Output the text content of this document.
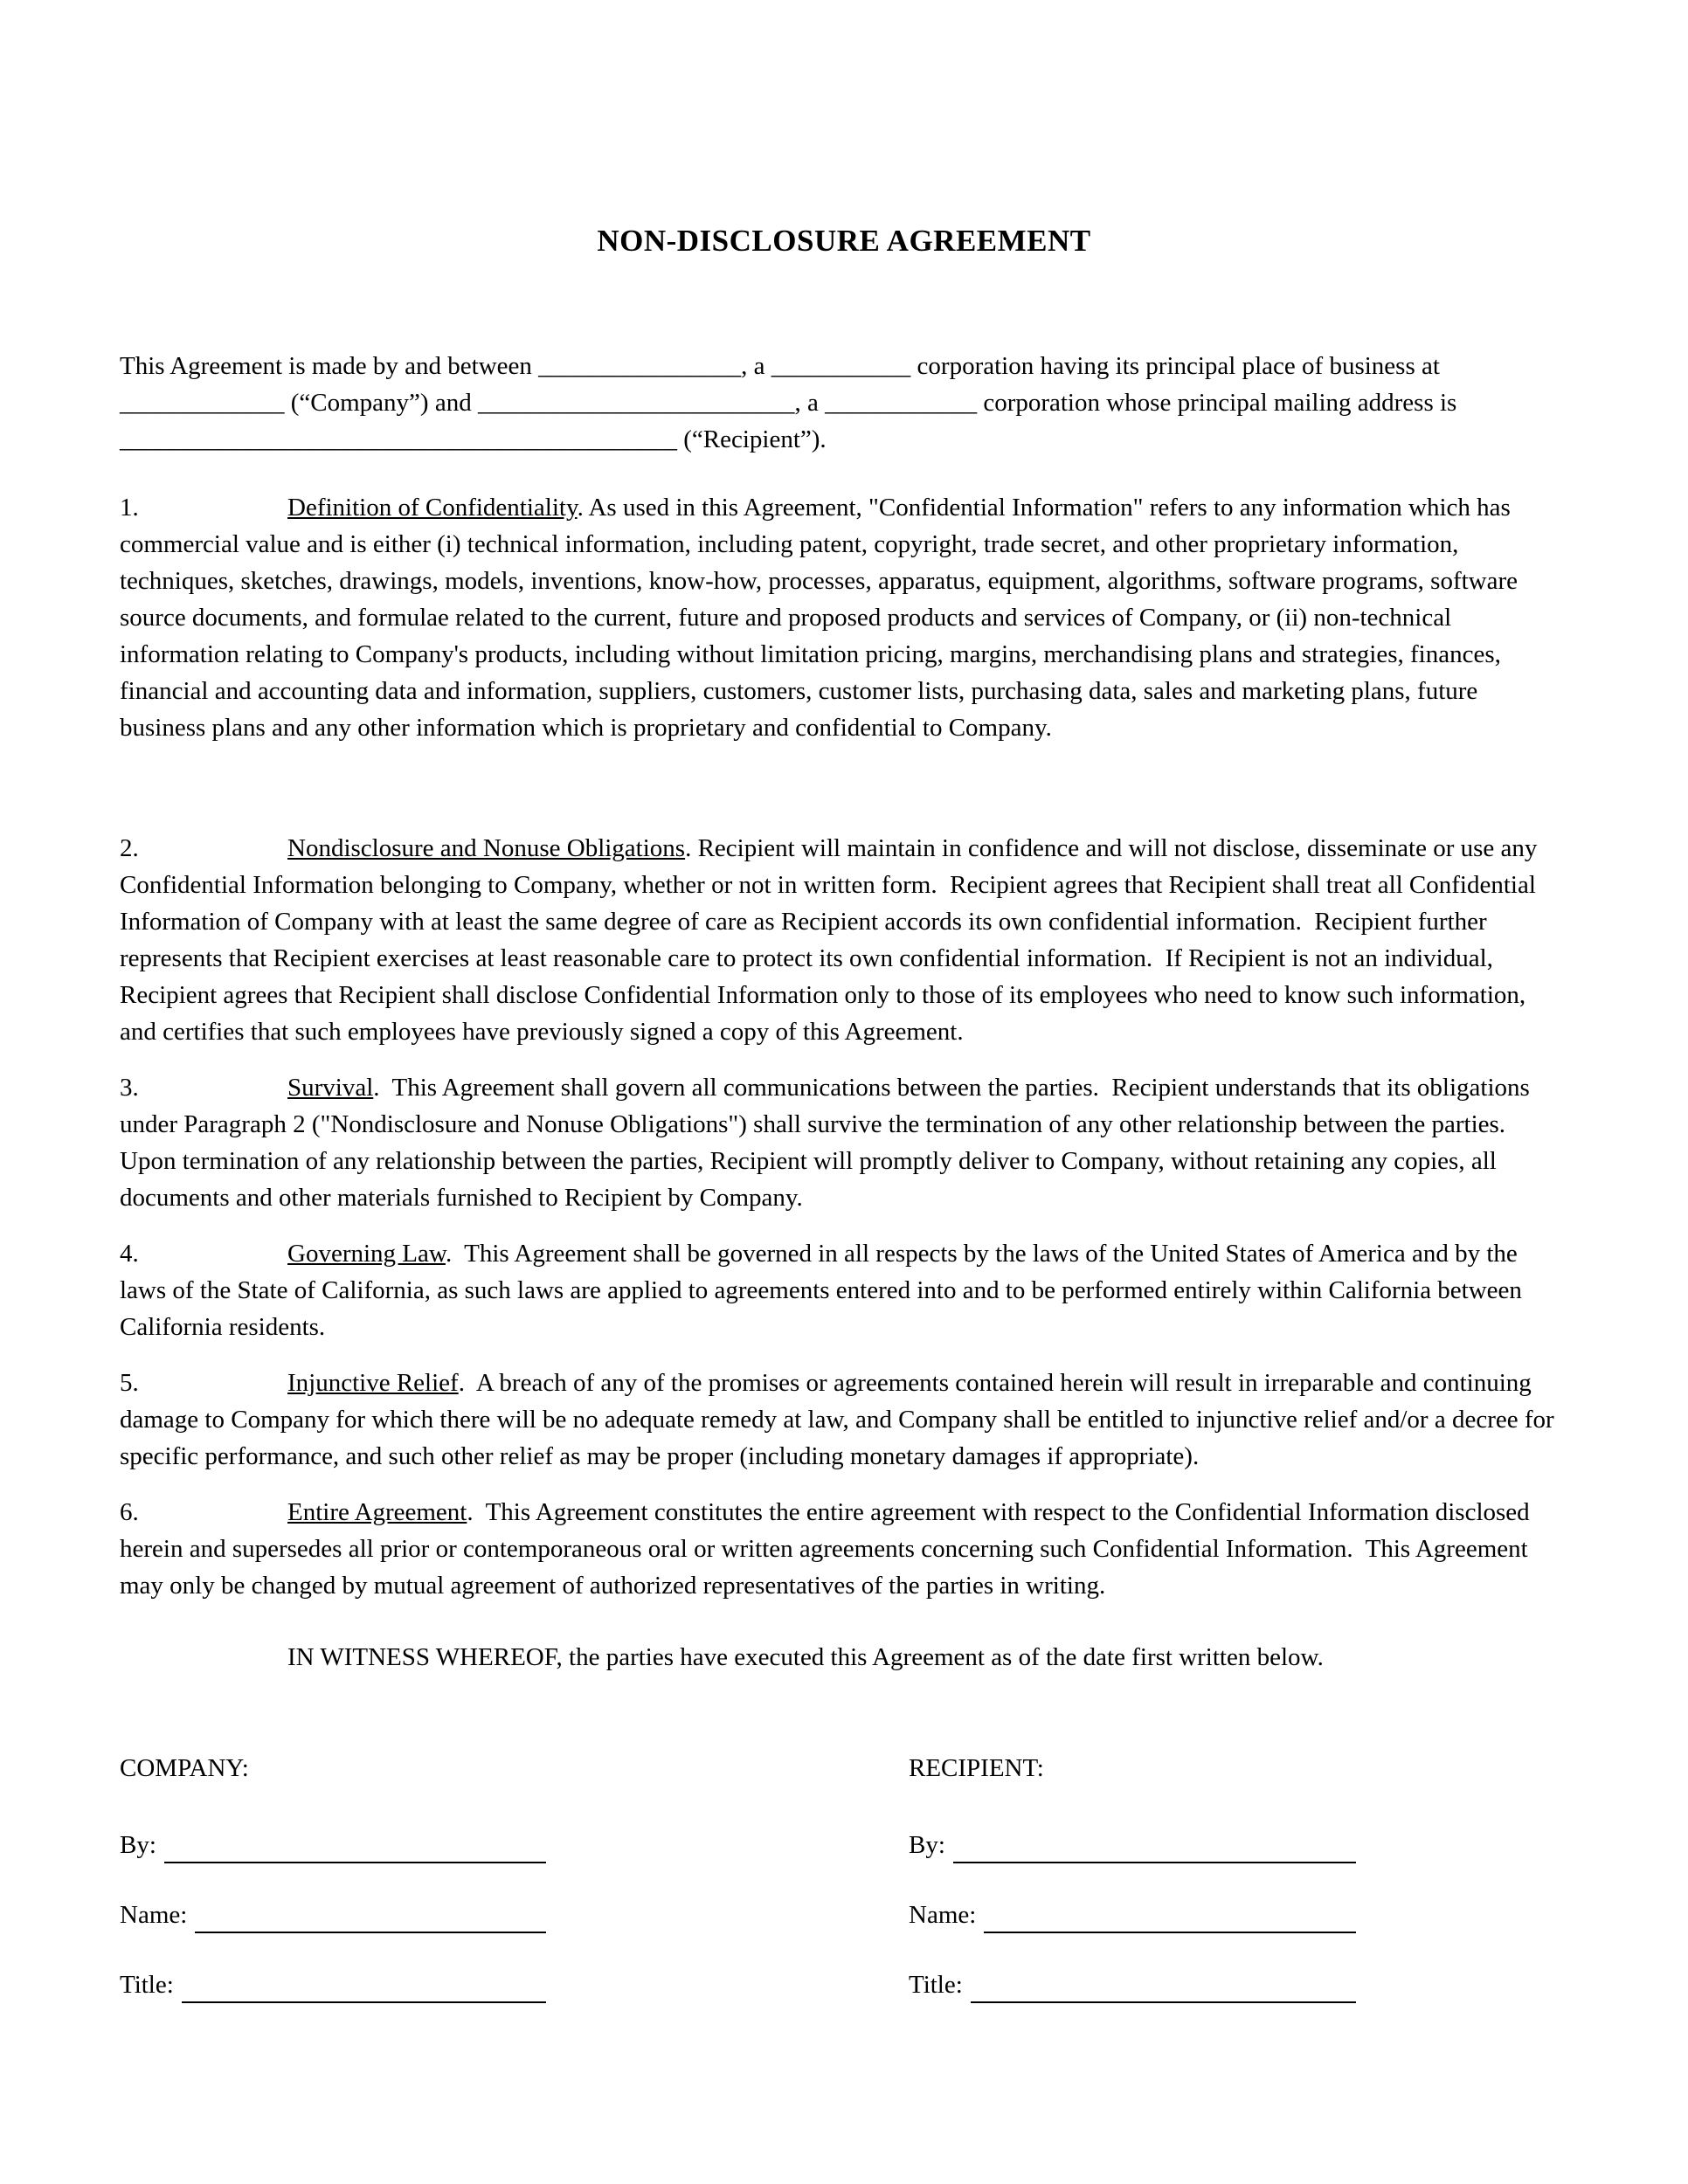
NON-DISCLOSURE AGREEMENT
This Agreement is made by and between ________________, a ___________ corporation having its principal place of business at
_____________ (“Company”) and _________________________, a ____________ corporation whose principal mailing address is
____________________________________________ (“Recipient”).
1.	Definition of Confidentiality. As used in this Agreement, "Confidential Information" refers to any information which has commercial value and is either (i) technical information, including patent, copyright, trade secret, and other proprietary information, techniques, sketches, drawings, models, inventions, know-how, processes, apparatus, equipment, algorithms, software programs, software source documents, and formulae related to the current, future and proposed products and services of Company, or (ii) non-technical information relating to Company's products, including without limitation pricing, margins, merchandising plans and strategies, finances, financial and accounting data and information, suppliers, customers, customer lists, purchasing data, sales and marketing plans, future business plans and any other information which is proprietary and confidential to Company.
2.	Nondisclosure and Nonuse Obligations. Recipient will maintain in confidence and will not disclose, disseminate or use any Confidential Information belonging to Company, whether or not in written form.  Recipient agrees that Recipient shall treat all Confidential Information of Company with at least the same degree of care as Recipient accords its own confidential information.  Recipient further represents that Recipient exercises at least reasonable care to protect its own confidential information.  If Recipient is not an individual, Recipient agrees that Recipient shall disclose Confidential Information only to those of its employees who need to know such information, and certifies that such employees have previously signed a copy of this Agreement.
3.	Survival.  This Agreement shall govern all communications between the parties.  Recipient understands that its obligations under Paragraph 2 ("Nondisclosure and Nonuse Obligations") shall survive the termination of any other relationship between the parties.  Upon termination of any relationship between the parties, Recipient will promptly deliver to Company, without retaining any copies, all documents and other materials furnished to Recipient by Company.
4.	Governing Law.  This Agreement shall be governed in all respects by the laws of the United States of America and by the laws of the State of California, as such laws are applied to agreements entered into and to be performed entirely within California between California residents.
5.	Injunctive Relief.  A breach of any of the promises or agreements contained herein will result in irreparable and continuing damage to Company for which there will be no adequate remedy at law, and Company shall be entitled to injunctive relief and/or a decree for specific performance, and such other relief as may be proper (including monetary damages if appropriate).
6.	Entire Agreement.  This Agreement constitutes the entire agreement with respect to the Confidential Information disclosed herein and supersedes all prior or contemporaneous oral or written agreements concerning such Confidential Information.  This Agreement may only be changed by mutual agreement of authorized representatives of the parties in writing.
IN WITNESS WHEREOF, the parties have executed this Agreement as of the date first written below.
COMPANY:
By:
Name:
Title:
RECIPIENT:
By:
Name:
Title:
